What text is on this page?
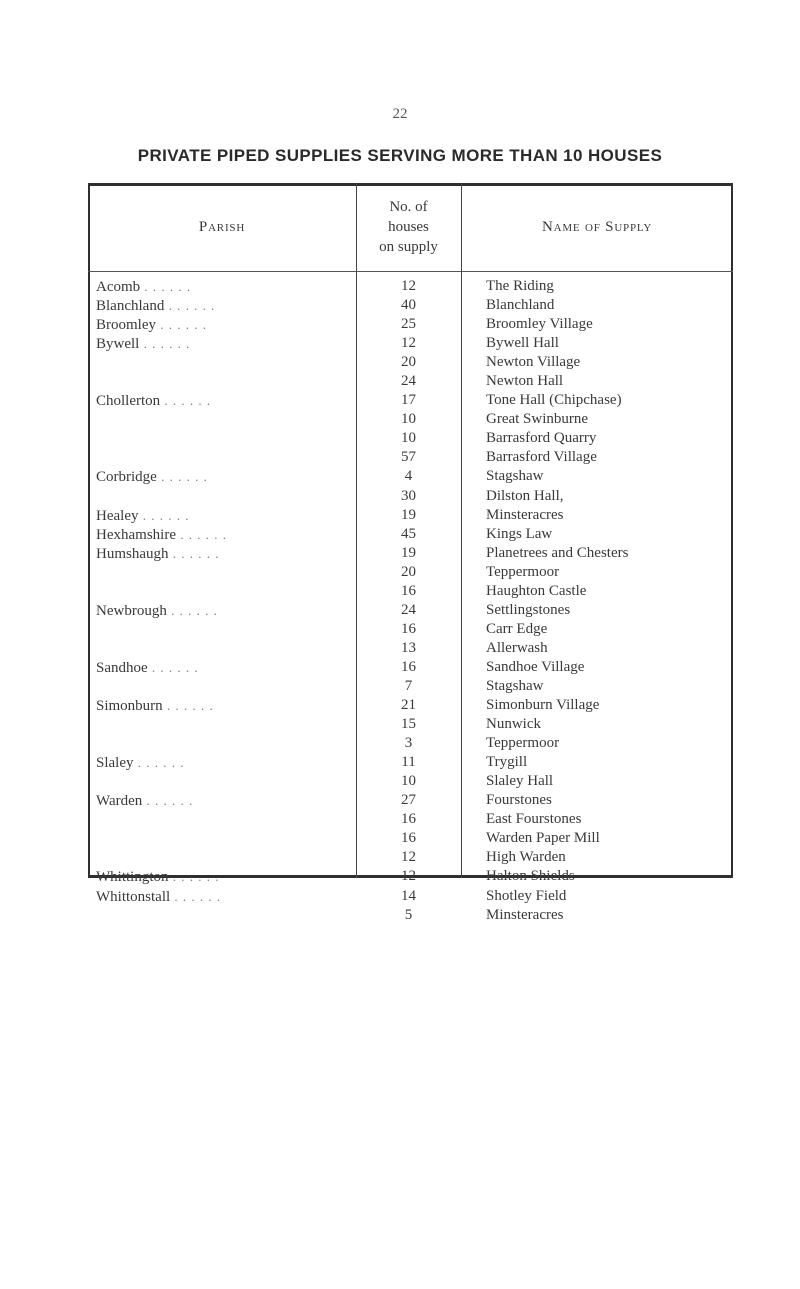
22
PRIVATE PIPED SUPPLIES SERVING MORE THAN 10 HOUSES
Parish
No. of
houses
on supply
Name of Supply
Acomb . . . . . .	12	The Riding
Blanchland . . . . . .	40	Blanchland
Broomley . . . . . .	25	Broomley Village
Bywell . . . . . .	12	Bywell Hall
20	Newton Village
24	Newton Hall
Chollerton . . . . . .	17	Tone Hall (Chipchase)
10	Great Swinburne
10	Barrasford Quarry
57	Barrasford Village
Corbridge . . . . . .	4	Stagshaw
30	Dilston Hall,
Healey . . . . . .	19	Minsteracres
Hexhamshire . . . . . .	45	Kings Law
Humshaugh . . . . . .	19	Planetrees and Chesters
20	Teppermoor
16	Haughton Castle
Newbrough . . . . . .	24	Settlingstones
16	Carr Edge
13	Allerwash
Sandhoe . . . . . .	16	Sandhoe Village
7	Stagshaw
Simonburn . . . . . .	21	Simonburn Village
15	Nunwick
3	Teppermoor
Slaley . . . . . .	11	Trygill
10	Slaley Hall
Warden . . . . . .	27	Fourstones
16	East Fourstones
16	Warden Paper Mill
12	High Warden
Whittington . . . . . .	12	Halton Shields
Whittonstall . . . . . .	14	Shotley Field
5	Minsteracres
